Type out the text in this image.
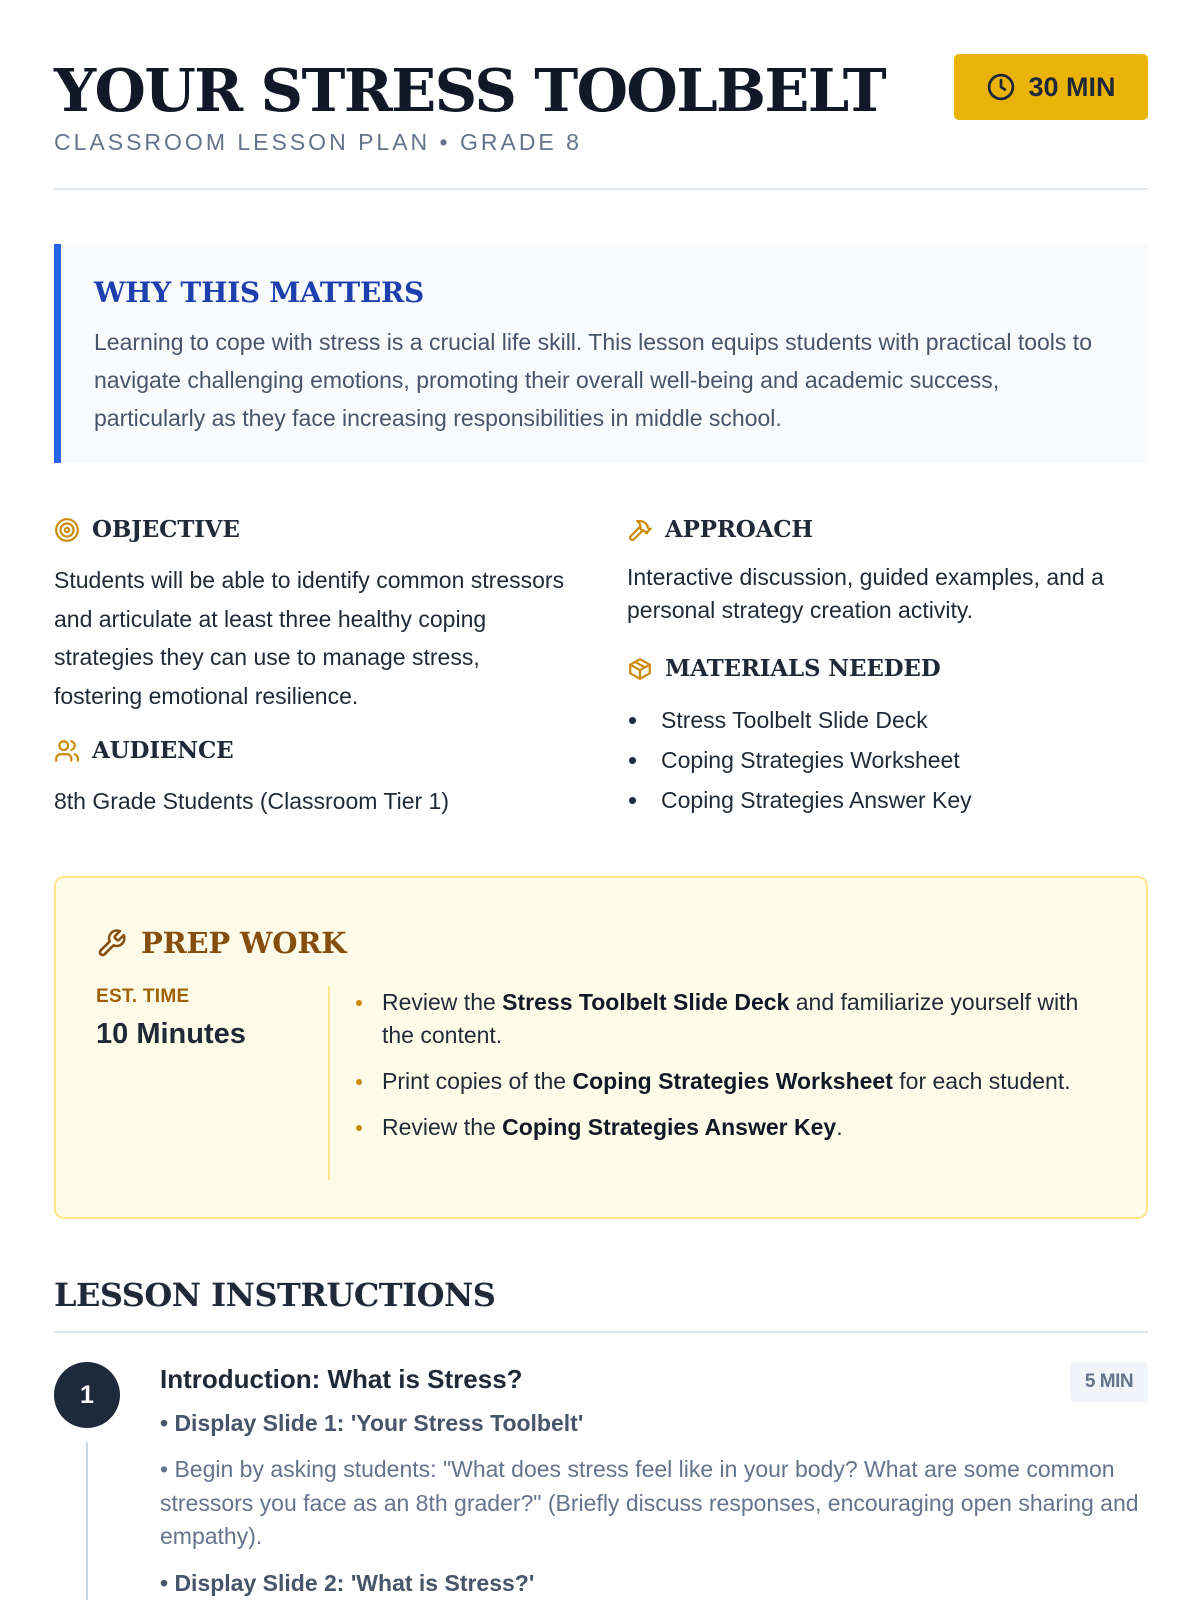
YOUR STRESS TOOLBELT
CLASSROOM LESSON PLAN • GRADE 8
30 MIN
WHY THIS MATTERS

Learning to cope with stress is a crucial life skill. This lesson equips students with practical tools to navigate challenging emotions, promoting their overall well-being and academic success, particularly as they face increasing responsibilities in middle school.

OBJECTIVE
Students will be able to identify common stressors and articulate at least three healthy coping strategies they can use to manage stress, fostering emotional resilience.
AUDIENCE
8th Grade Students (Classroom Tier 1)
APPROACH
Interactive discussion, guided examples, and a personal strategy creation activity.
MATERIALS NEEDED
Stress Toolbelt Slide Deck
Coping Strategies Worksheet
Coping Strategies Answer Key
PREP WORK
EST. TIME
10 Minutes
Review the Stress Toolbelt Slide Deck and familiarize yourself with the content.
Print copies of the Coping Strategies Worksheet for each student.
Review the Coping Strategies Answer Key.
LESSON INSTRUCTIONS
1
Introduction: What is Stress?	5 MIN
• Display Slide 1: 'Your Stress Toolbelt'
• Begin by asking students: "What does stress feel like in your body? What are some common stressors you face as an 8th grader?" (Briefly discuss responses, encouraging open sharing and empathy).
• Display Slide 2: 'What is Stress?'
